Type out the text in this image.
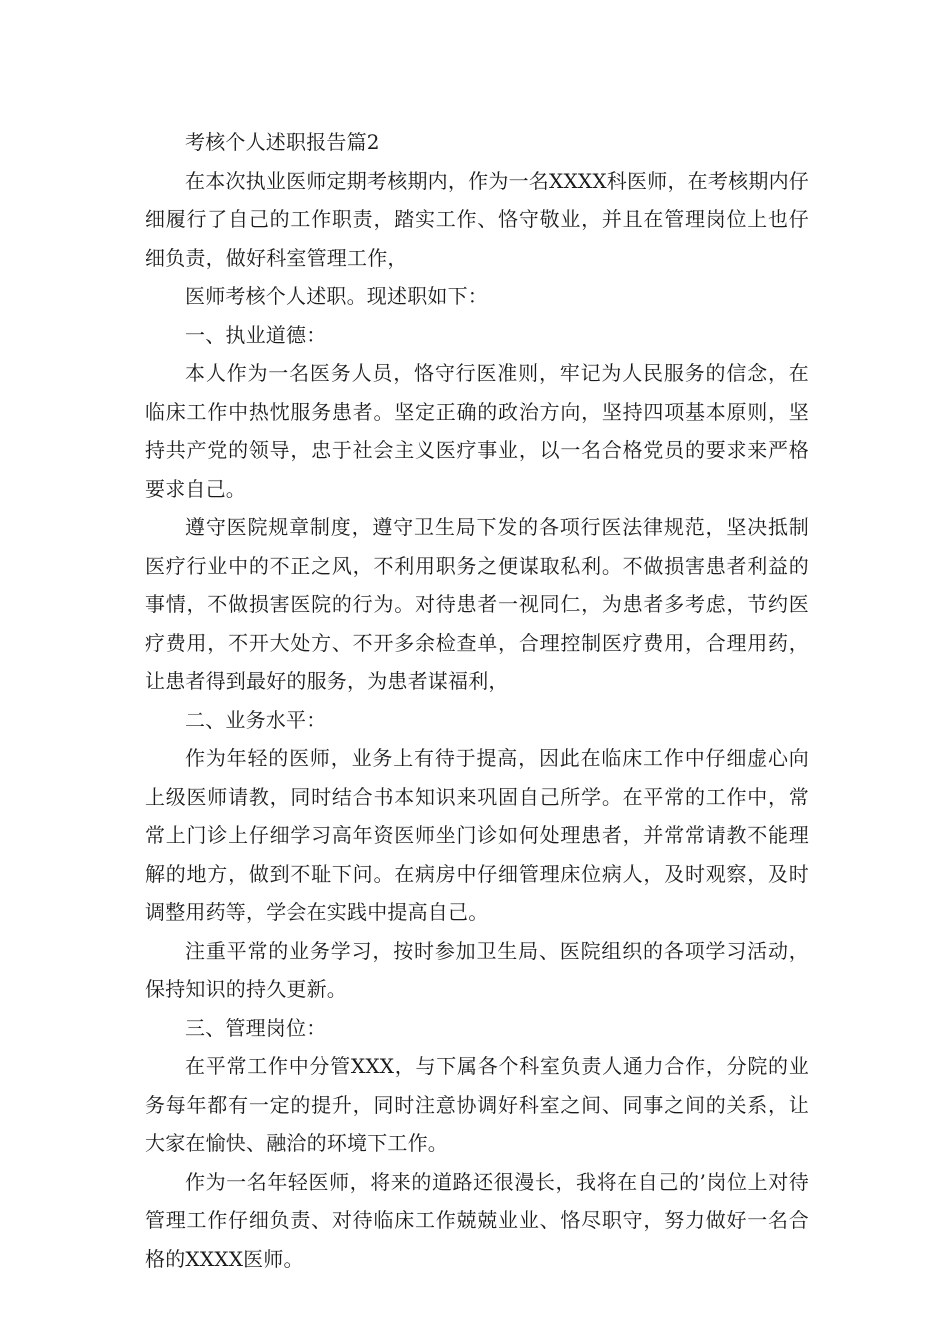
考核个人述职报告篇2

在本次执业医师定期考核期内，作为一名XXXX科医师，在考核期内仔细履行了自己的工作职责，踏实工作、恪守敬业，并且在管理岗位上也仔细负责，做好科室管理工作，

医师考核个人述职。现述职如下：

一、执业道德：

本人作为一名医务人员，恪守行医准则，牢记为人民服务的信念，在临床工作中热忱服务患者。坚定正确的政治方向，坚持四项基本原则，坚持共产党的领导，忠于社会主义医疗事业，以一名合格党员的要求来严格要求自己。

遵守医院规章制度，遵守卫生局下发的各项行医法律规范，坚决抵制医疗行业中的不正之风，不利用职务之便谋取私利。不做损害患者利益的事情，不做损害医院的行为。对待患者一视同仁，为患者多考虑，节约医疗费用，不开大处方、不开多余检查单，合理控制医疗费用，合理用药，让患者得到最好的服务，为患者谋福利，

二、业务水平：

作为年轻的医师，业务上有待于提高，因此在临床工作中仔细虚心向上级医师请教，同时结合书本知识来巩固自己所学。在平常的工作中，常常上门诊上仔细学习高年资医师坐门诊如何处理患者，并常常请教不能理解的地方，做到不耻下问。在病房中仔细管理床位病人，及时观察，及时调整用药等，学会在实践中提高自己。

注重平常的业务学习，按时参加卫生局、医院组织的各项学习活动，保持知识的持久更新。

三、管理岗位：

在平常工作中分管XXX，与下属各个科室负责人通力合作，分院的业务每年都有一定的提升，同时注意协调好科室之间、同事之间的关系，让大家在愉快、融洽的环境下工作。

作为一名年轻医师，将来的道路还很漫长，我将在自己的’岗位上对待管理工作仔细负责、对待临床工作兢兢业业、恪尽职守，努力做好一名合格的XXXX医师。
